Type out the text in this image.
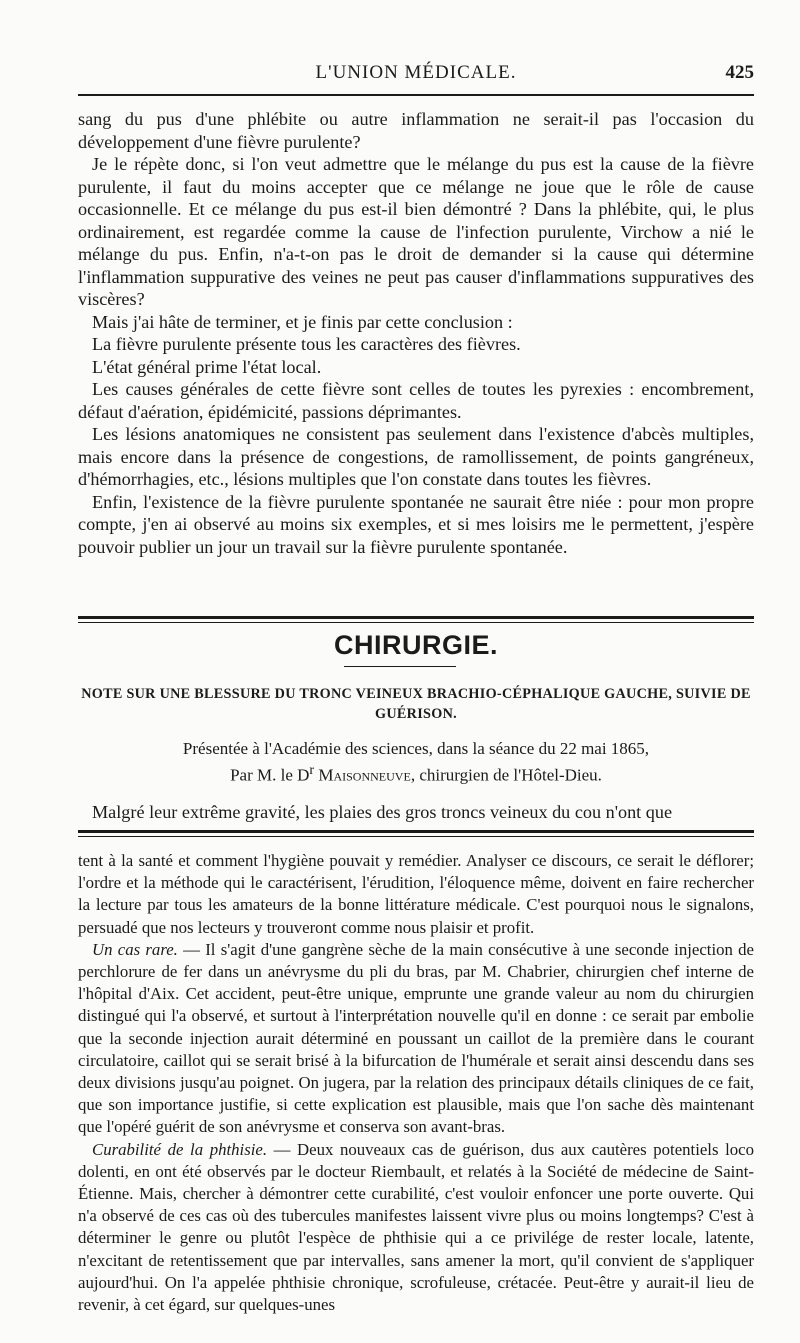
L'UNION MÉDICALE.	425

sang du pus d'une phlébite ou autre inflammation ne serait-il pas l'occasion du développement d'une fièvre purulente?

Je le répète donc, si l'on veut admettre que le mélange du pus est la cause de la fièvre purulente, il faut du moins accepter que ce mélange ne joue que le rôle de cause occasionnelle. Et ce mélange du pus est-il bien démontré ? Dans la phlébite, qui, le plus ordinairement, est regardée comme la cause de l'infection purulente, Virchow a nié le mélange du pus. Enfin, n'a-t-on pas le droit de demander si la cause qui détermine l'inflammation suppurative des veines ne peut pas causer d'inflammations suppuratives des viscères?

Mais j'ai hâte de terminer, et je finis par cette conclusion :

La fièvre purulente présente tous les caractères des fièvres.

L'état général prime l'état local.

Les causes générales de cette fièvre sont celles de toutes les pyrexies : encombrement, défaut d'aération, épidémicité, passions déprimantes.

Les lésions anatomiques ne consistent pas seulement dans l'existence d'abcès multiples, mais encore dans la présence de congestions, de ramollissement, de points gangréneux, d'hémorrhagies, etc., lésions multiples que l'on constate dans toutes les fièvres.

Enfin, l'existence de la fièvre purulente spontanée ne saurait être niée : pour mon propre compte, j'en ai observé au moins six exemples, et si mes loisirs me le permettent, j'espère pouvoir publier un jour un travail sur la fièvre purulente spontanée.

CHIRURGIE.
NOTE SUR UNE BLESSURE DU TRONC VEINEUX BRACHIO-CÉPHALIQUE GAUCHE, SUIVIE DE GUÉRISON.
Présentée à l'Académie des sciences, dans la séance du 22 mai 1865,
Par M. le $D^r$ Maisonneuve, chirurgien de l'Hôtel-Dieu.

Malgré leur extrême gravité, les plaies des gros troncs veineux du cou n'ont que

tent à la santé et comment l'hygiène pouvait y remédier. Analyser ce discours, ce serait le déflorer; l'ordre et la méthode qui le caractérisent, l'érudition, l'éloquence même, doivent en faire rechercher la lecture par tous les amateurs de la bonne littérature médicale. C'est pourquoi nous le signalons, persuadé que nos lecteurs y trouveront comme nous plaisir et profit.

Un cas rare. — Il s'agit d'une gangrène sèche de la main consécutive à une seconde injection de perchlorure de fer dans un anévrysme du pli du bras, par M. Chabrier, chirurgien chef interne de l'hôpital d'Aix. Cet accident, peut-être unique, emprunte une grande valeur au nom du chirurgien distingué qui l'a observé, et surtout à l'interprétation nouvelle qu'il en donne : ce serait par embolie que la seconde injection aurait déterminé en poussant un caillot de la première dans le courant circulatoire, caillot qui se serait brisé à la bifurcation de l'humérale et serait ainsi descendu dans ses deux divisions jusqu'au poignet. On jugera, par la relation des principaux détails cliniques de ce fait, que son importance justifie, si cette explication est plausible, mais que l'on sache dès maintenant que l'opéré guérit de son anévrysme et conserva son avant-bras.

Curabilité de la phthisie. — Deux nouveaux cas de guérison, dus aux cautères potentiels loco dolenti, en ont été observés par le docteur Riembault, et relatés à la Société de médecine de Saint-Étienne. Mais, chercher à démontrer cette curabilité, c'est vouloir enfoncer une porte ouverte. Qui n'a observé de ces cas où des tubercules manifestes laissent vivre plus ou moins longtemps? C'est à déterminer le genre ou plutôt l'espèce de phthisie qui a ce privilége de rester locale, latente, n'excitant de retentissement que par intervalles, sans amener la mort, qu'il convient de s'appliquer aujourd'hui. On l'a appelée phthisie chronique, scrofuleuse, crétacée. Peut-être y aurait-il lieu de revenir, à cet égard, sur quelques-unes
